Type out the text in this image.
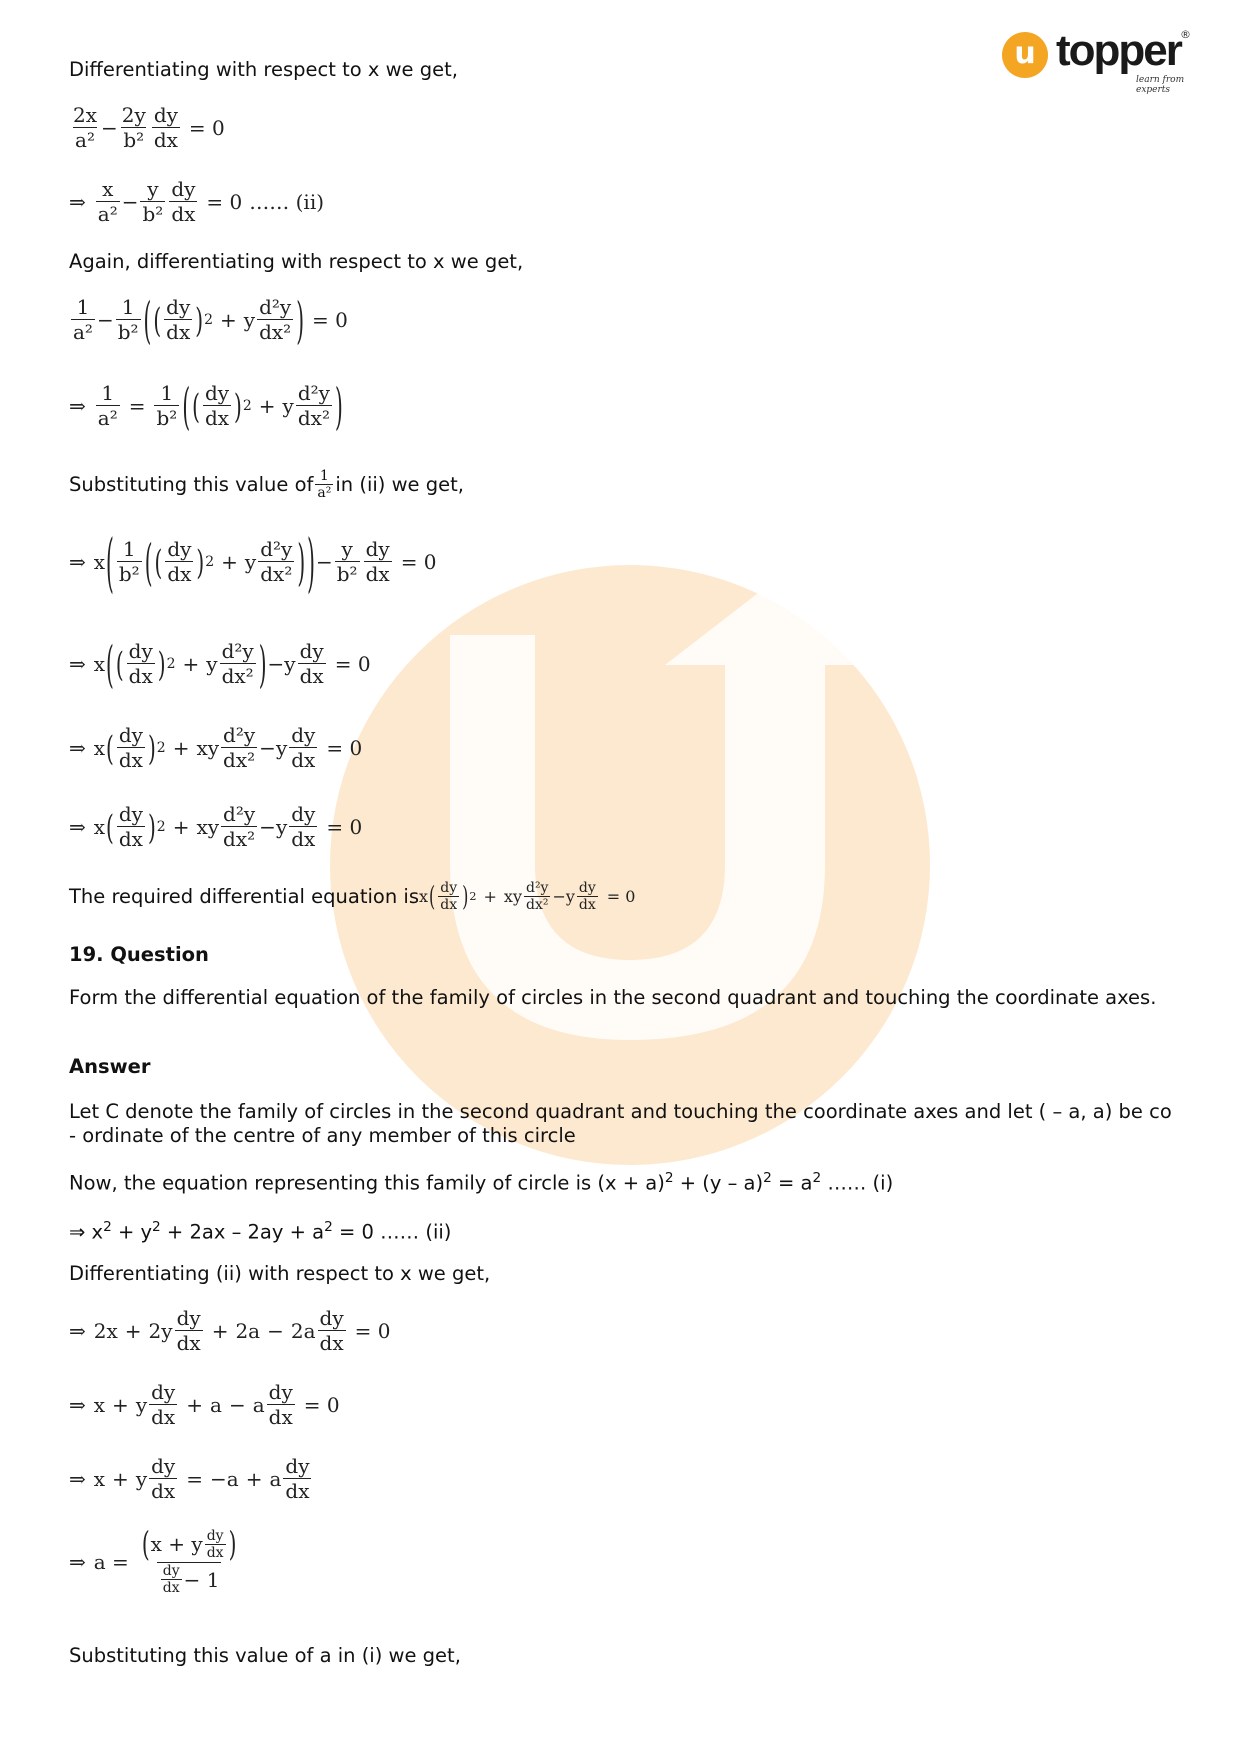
u topper ®
learn from experts
Differentiating with respect to x we get,
$\frac{2x}{\text{a²}} - \frac{2y}{\text{b²}} \frac{dy}{dx} = 0$
⇒ $\frac{x}{\text{a²}} - \frac{y}{\text{b²}} \frac{dy}{dx} = 0$ …… (ii)
Again, differentiating with respect to x we get,
$\frac{1}{\text{a²}} - \frac{1}{\text{b²}}$ ( ( $\frac{dy}{dx}$ ) 2 + y $\frac{\text{d²y}}{\text{dx²}}$ ) = 0
⇒ $\frac{1}{\text{a²}} = \frac{1}{\text{b²}}$ ( ( $\frac{dy}{dx}$ ) 2 + y $\frac{\text{d²y}}{\text{dx²}}$ )
Substituting this value of $\frac{1}{\text{a²}}$ in (ii) we get,
⇒ x ( $\frac{1}{\text{b²}}$ ( ( $\frac{dy}{dx}$ ) 2 + y $\frac{\text{d²y}}{\text{dx²}}$ ) ) − $\frac{y}{\text{b²}} \frac{dy}{dx} = 0$
⇒ x ( ( $\frac{dy}{dx}$ ) 2 + y $\frac{\text{d²y}}{\text{dx²}}$ ) − y $\frac{dy}{dx} = 0$
⇒ x ( $\frac{dy}{dx}$ ) 2 + xy $\frac{\text{d²y}}{\text{dx²}} - y \frac{dy}{dx} = 0$
⇒ x ( $\frac{dy}{dx}$ ) 2 + xy $\frac{\text{d²y}}{\text{dx²}} - y \frac{dy}{dx} = 0$
The required differential equation is x ( $\frac{dy}{dx}$ ) 2 + xy $\frac{\text{d²y}}{\text{dx²}} - y \frac{dy}{dx} = 0$
19. Question
Form the differential equation of the family of circles in the second quadrant and touching the coordinate axes.
Answer
Let C denote the family of circles in the second quadrant and touching the coordinate axes and let ( – a, a) be co - ordinate of the centre of any member of this circle
Now, the equation representing this family of circle is $(x + a)^2 + (y - a)^2 = a^2$ …… (i)
⇒ $x^2 + y^2 + 2ax - 2ay + a^2 = 0$ …… (ii)
Differentiating (ii) with respect to x we get,
⇒ $2x + 2y \frac{dy}{dx} + 2a - 2a \frac{dy}{dx} = 0$
⇒ x + y $\frac{dy}{dx} + a - a \frac{dy}{dx} = 0$
⇒ x + y $\frac{dy}{dx} = -a + a \frac{dy}{dx}$
⇒ $a = \frac{( x + y \frac{dy}{dx} )}{\frac{dy}{dx} - 1}$
Substituting this value of a in (i) we get,
